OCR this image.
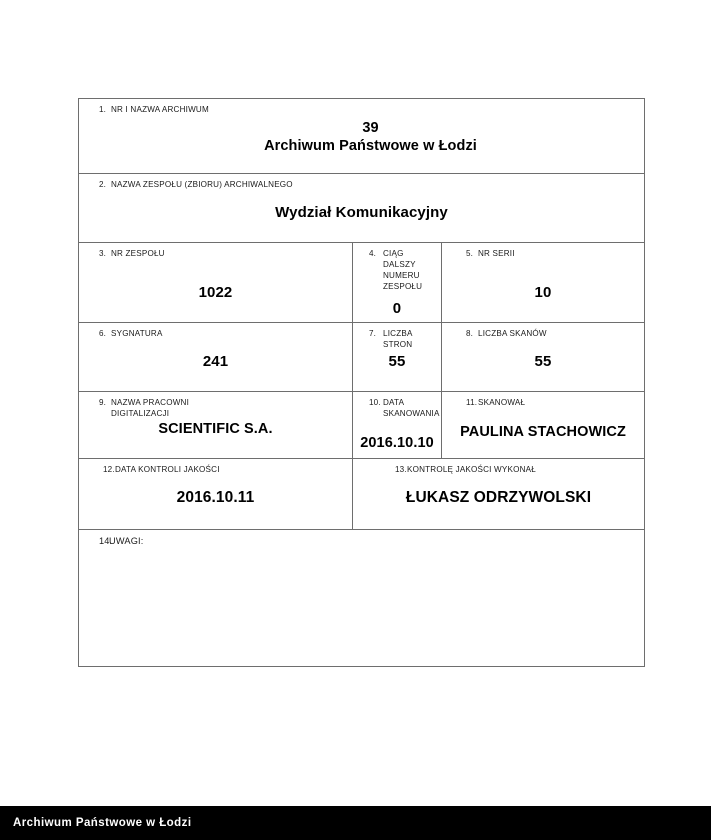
1. NR I NAZWA ARCHIWUM
39
Archiwum Państwowe w Łodzi		

2. NAZWA ZESPOŁU (ZBIORU) ARCHIWALNEGO
Wydział Komunikacyjny		

3. NR ZESPOŁU
1022

4. CIĄG DALSZY NUMERU
ZESPOŁU
0

5. NR SERII
10

6. SYGNATURA
241

7. LICZBA STRON
55

8. LICZBA SKANÓW
55

9. NAZWA PRACOWNI
DIGITALIZACJI
SCIENTIFIC S.A.

10. DATA SKANOWANIA
2016.10.10

11. SKANOWAŁ
PAULINA STACHOWICZ

12. DATA KONTROLI JAKOŚCI
2016.10.11

13. KONTROLĘ JAKOŚCI WYKONAŁ
ŁUKASZ ODRZYWOLSKI

14.
UWAGI:		
Archiwum Państwowe w Łodzi
